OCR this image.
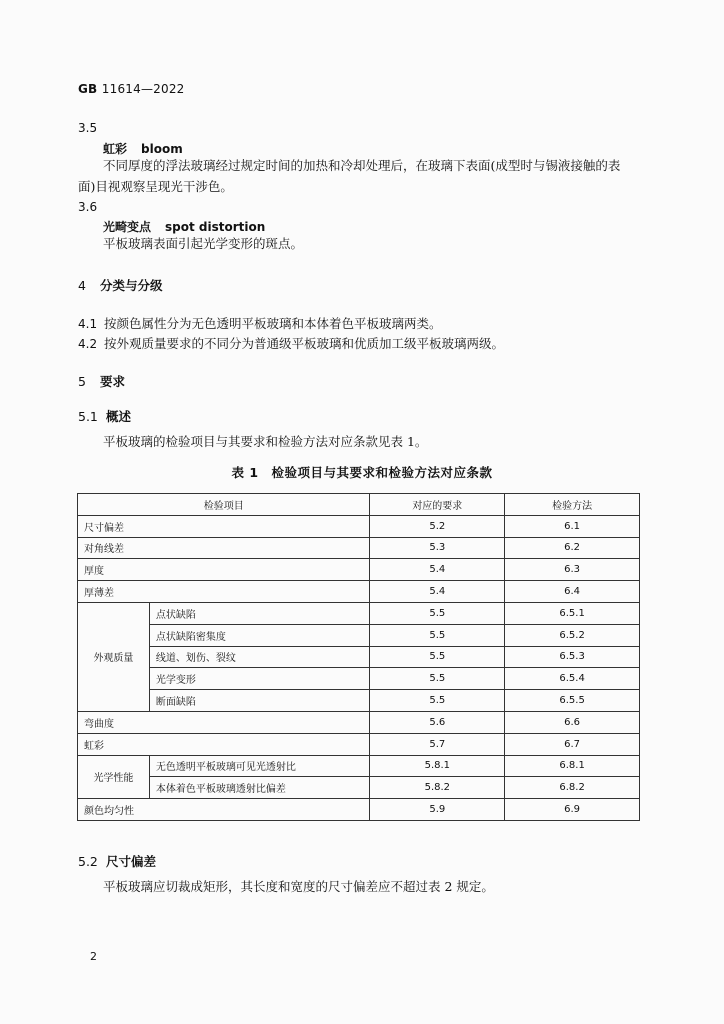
GB 11614—2022
3.5
虹彩 bloom
不同厚度的浮法玻璃经过规定时间的加热和冷却处理后，在玻璃下表面(成型时与锡液接触的表
面)目视观察呈现光干涉色。
3.6
光畸变点 spot distortion
平板玻璃表面引起光学变形的斑点。
4 分类与分级
4.1 按颜色属性分为无色透明平板玻璃和本体着色平板玻璃两类。
4.2 按外观质量要求的不同分为普通级平板玻璃和优质加工级平板玻璃两级。
5 要求
5.1 概述
平板玻璃的检验项目与其要求和检验方法对应条款见表 1。
表 1　检验项目与其要求和检验方法对应条款
检验项目		对应的要求	检验方法
尺寸偏差		5.2	6.1
对角线差		5.3	6.2
厚度		5.4	6.3
厚薄差		5.4	6.4
外观质量	点状缺陷	5.5	6.5.1
	点状缺陷密集度	5.5	6.5.2
	线道、划伤、裂纹	5.5	6.5.3
	光学变形	5.5	6.5.4
	断面缺陷	5.5	6.5.5
弯曲度		5.6	6.6
虹彩		5.7	6.7
光学性能	无色透明平板玻璃可见光透射比	5.8.1	6.8.1
	本体着色平板玻璃透射比偏差	5.8.2	6.8.2
颜色均匀性		5.9	6.9
5.2 尺寸偏差
平板玻璃应切裁成矩形，其长度和宽度的尺寸偏差应不超过表 2 规定。
2
